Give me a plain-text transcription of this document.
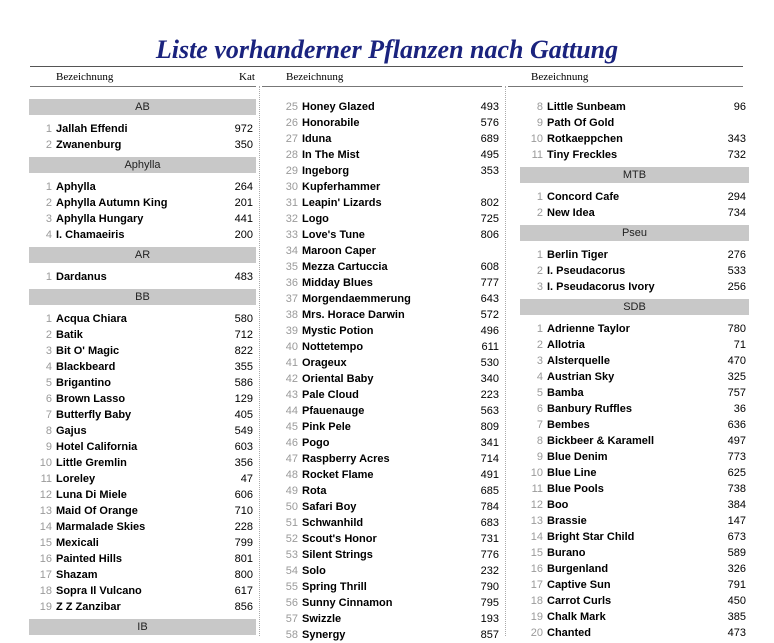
Liste vorhanderner Pflanzen nach Gattung
Bezeichnung	Kat	Bezeichnung	Bezeichnung
AB
1 Jallah Effendi	972
2 Zwanenburg	350
Aphylla
1 Aphylla	264
2 Aphylla Autumn King	201
3 Aphylla Hungary	441
4 I. Chamaeiris	200
AR
1 Dardanus	483
BB
1 Acqua Chiara	580
2 Batik	712
3 Bit O' Magic	822
4 Blackbeard	355
5 Brigantino	586
6 Brown Lasso	129
7 Butterfly Baby	405
8 Gajus	549
9 Hotel California	603
10 Little Gremlin	356
11 Loreley	47
12 Luna Di Miele	606
13 Maid Of Orange	710
14 Marmalade Skies	228
15 Mexicali	799
16 Painted Hills	801
17 Shazam	800
18 Sopra Il Vulcano	617
19 Z Z Zanzibar	856
IB
25 Honey Glazed	493
26 Honorabile	576
27 Iduna	689
28 In The Mist	495
29 Ingeborg	353
30 Kupferhammer
31 Leapin' Lizards	802
32 Logo	725
33 Love's Tune	806
34 Maroon Caper
35 Mezza Cartuccia	608
36 Midday Blues	777
37 Morgendaemmerung	643
38 Mrs. Horace Darwin	572
39 Mystic Potion	496
40 Nottetempo	611
41 Orageux	530
42 Oriental Baby	340
43 Pale Cloud	223
44 Pfauenauge	563
45 Pink Pele	809
46 Pogo	341
47 Raspberry Acres	714
48 Rocket Flame	491
49 Rota	685
50 Safari Boy	784
51 Schwanhild	683
52 Scout's Honor	731
53 Silent Strings	776
54 Solo	232
55 Spring Thrill	790
56 Sunny Cinnamon	795
57 Swizzle	193
58 Synergy	857
8 Little Sunbeam	96
9 Path Of Gold
10 Rotkaeppchen	343
11 Tiny Freckles	732
MTB
1 Concord Cafe	294
2 New Idea	734
Pseu
1 Berlin Tiger	276
2 I. Pseudacorus	533
3 I. Pseudacorus Ivory	256
SDB
1 Adrienne Taylor	780
2 Allotria	71
3 Alsterquelle	470
4 Austrian Sky	325
5 Bamba	757
6 Banbury Ruffles	36
7 Bembes	636
8 Bickbeer & Karamell	497
9 Blue Denim	773
10 Blue Line	625
11 Blue Pools	738
12 Boo	384
13 Brassie	147
14 Bright Star Child	673
15 Burano	589
16 Burgenland	326
17 Captive Sun	791
18 Carrot Curls	450
19 Chalk Mark	385
20 Chanted	473
